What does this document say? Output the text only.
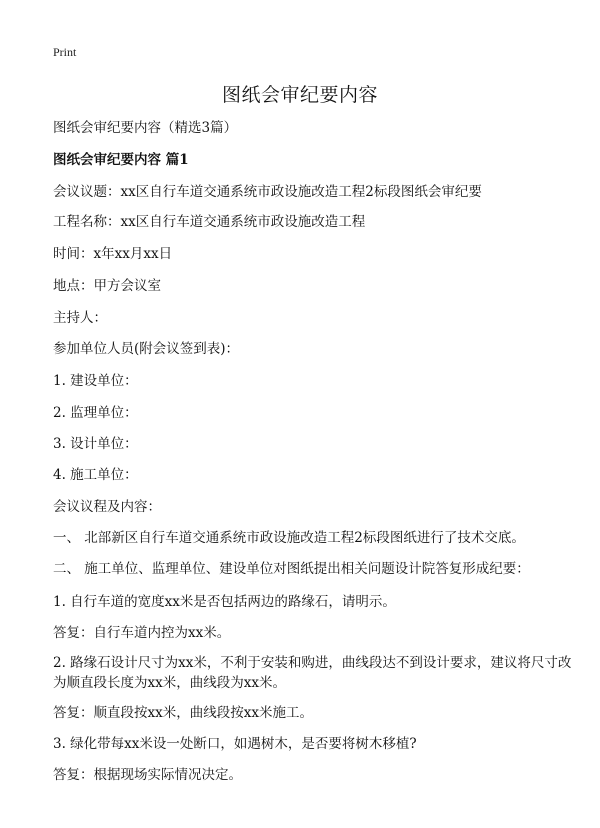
Print
图纸会审纪要内容
图纸会审纪要内容（精选3篇）
图纸会审纪要内容 篇1
会议议题：xx区自行车道交通系统市政设施改造工程2标段图纸会审纪要
工程名称：xx区自行车道交通系统市政设施改造工程
时间：x年xx月xx日
地点：甲方会议室
主持人：
参加单位人员(附会议签到表)：
1. 建设单位：
2. 监理单位：
3. 设计单位：
4. 施工单位：
会议议程及内容：
一、 北部新区自行车道交通系统市政设施改造工程2标段图纸进行了技术交底。
二、 施工单位、监理单位、建设单位对图纸提出相关问题设计院答复形成纪要：
1. 自行车道的宽度xx米是否包括两边的路缘石，请明示。
答复：自行车道内控为xx米。
2. 路缘石设计尺寸为xx米，不利于安装和购进，曲线段达不到设计要求，建议将尺寸改为顺直段长度为xx米，曲线段为xx米。
答复：顺直段按xx米，曲线段按xx米施工。
3. 绿化带每xx米设一处断口，如遇树木，是否要将树木移植?
答复：根据现场实际情况决定。
